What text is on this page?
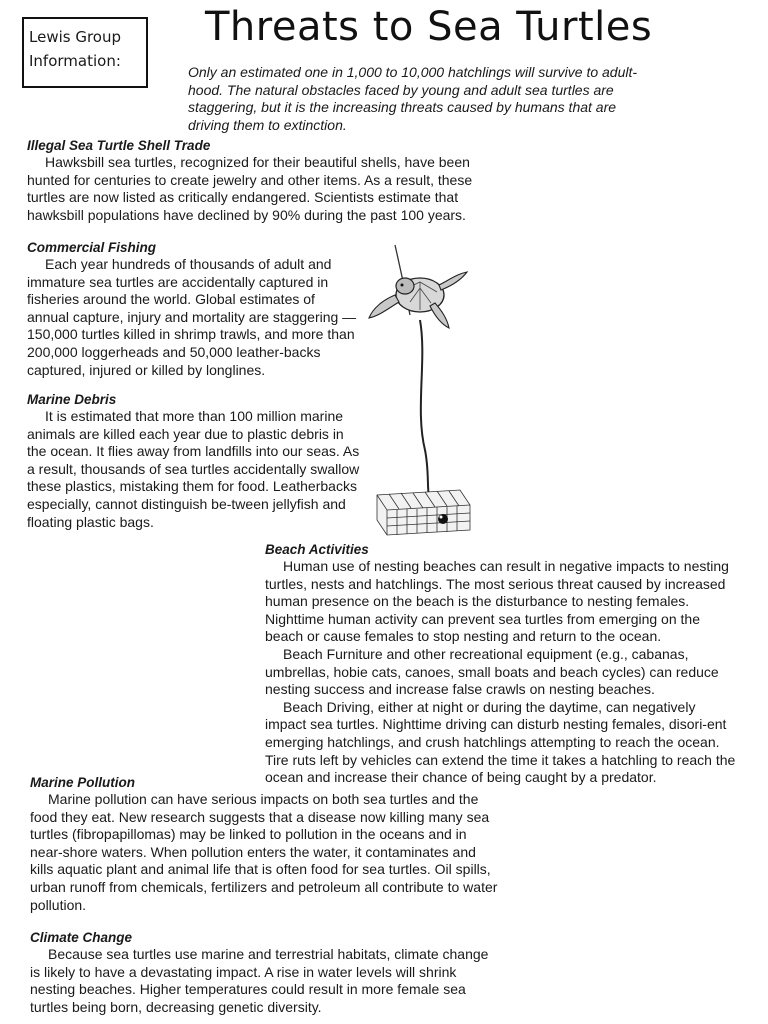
Lewis Group
Information:
Threats to Sea Turtles

Only an estimated one in 1,000 to 10,000 hatchlings will survive to adult-hood. The natural obstacles faced by young and adult sea turtles are staggering, but it is the increasing threats caused by humans that are driving them to extinction.

Illegal Sea Turtle Shell Trade

Hawksbill sea turtles, recognized for their beautiful shells, have been hunted for centuries to create jewelry and other items. As a result, these turtles are now listed as critically endangered. Scientists estimate that hawksbill populations have declined by 90% during the past 100 years.

Commercial Fishing

Each year hundreds of thousands of adult and immature sea turtles are accidentally captured in fisheries around the world. Global estimates of annual capture, injury and mortality are staggering — 150,000 turtles killed in shrimp trawls, and more than 200,000 loggerheads and 50,000 leather-backs captured, injured or killed by longlines.

Marine Debris

It is estimated that more than 100 million marine animals are killed each year due to plastic debris in the ocean. It flies away from landfills into our seas. As a result, thousands of sea turtles accidentally swallow these plastics, mistaking them for food. Leatherbacks especially, cannot distinguish be-tween jellyfish and floating plastic bags.

Beach Activities

Human use of nesting beaches can result in negative impacts to nesting turtles, nests and hatchlings. The most serious threat caused by increased human presence on the beach is the disturbance to nesting females. Nighttime human activity can prevent sea turtles from emerging on the beach or cause females to stop nesting and return to the ocean.

Beach Furniture and other recreational equipment (e.g., cabanas, umbrellas, hobie cats, canoes, small boats and beach cycles) can reduce nesting success and increase false crawls on nesting beaches.

Beach Driving, either at night or during the daytime, can negatively impact sea turtles. Nighttime driving can disturb nesting females, disori-ent emerging hatchlings, and crush hatchlings attempting to reach the ocean. Tire ruts left by vehicles can extend the time it takes a hatchling to reach the ocean and increase their chance of being caught by a predator.

Marine Pollution

Marine pollution can have serious impacts on both sea turtles and the food they eat. New research suggests that a disease now killing many sea turtles (fibropapillomas) may be linked to pollution in the oceans and in near-shore waters. When pollution enters the water, it contaminates and kills aquatic plant and animal life that is often food for sea turtles. Oil spills, urban runoff from chemicals, fertilizers and petroleum all contribute to water pollution.

Climate Change

Because sea turtles use marine and terrestrial habitats, climate change is likely to have a devastating impact. A rise in water levels will shrink nesting beaches. Higher temperatures could result in more female sea turtles being born, decreasing genetic diversity.
